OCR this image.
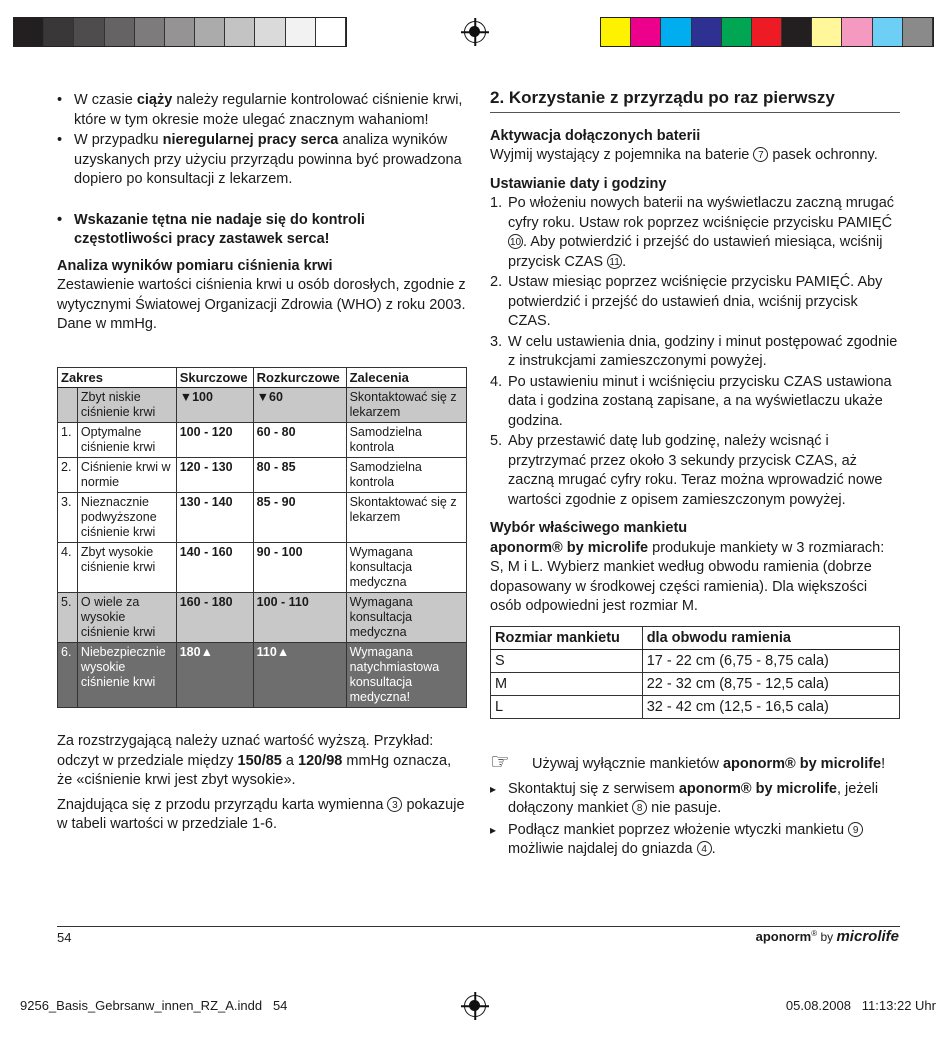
• W czasie ciąży należy regularnie kontrolować ciśnienie krwi, które w tym okresie może ulegać znacznym wahaniom!

• W przypadku nieregularnej pracy serca analiza wyników uzyskanych przy użyciu przyrządu powinna być prowadzona dopiero po konsultacji z lekarzem.

• Wskazanie tętna nie nadaje się do kontroli częstotliwości pracy zastawek serca!

Analiza wyników pomiaru ciśnienia krwi

Zestawienie wartości ciśnienia krwi u osób dorosłych, zgodnie z wytycznymi Światowej Organizacji Zdrowia (WHO) z roku 2003. Dane w mmHg.

Zakres		Skurczowe	Rozkurczowe	Zalecenia
	Zbyt niskie ciśnienie krwi	▼100	▼60	Skontaktować się z lekarzem
1.	Optymalne ciśnienie krwi	100 - 120	60 - 80	Samodzielna kontrola
2.	Ciśnienie krwi w normie	120 - 130	80 - 85	Samodzielna kontrola
3.	Nieznacznie podwyższone ciśnienie krwi	130 - 140	85 - 90	Skontaktować się z lekarzem
4.	Zbyt wysokie ciśnienie krwi	140 - 160	90 - 100	Wymagana konsultacja medyczna
5.	O wiele za wysokie ciśnienie krwi	160 - 180	100 - 110	Wymagana konsultacja medyczna
6.	Niebezpiecznie wysokie ciśnienie krwi	180▲	110▲	Wymagana natychmiastowa konsultacja medyczna!

Za rozstrzygającą należy uznać wartość wyższą. Przykład: odczyt w przedziale między 150/85 a 120/98 mmHg oznacza, że «ciśnienie krwi jest zbyt wysokie».

Znajdująca się z przodu przyrządu karta wymienna 3 pokazuje w tabeli wartości w przedziale 1-6.

2. Korzystanie z przyrządu po raz pierwszy

Aktywacja dołączonych baterii

Wyjmij wystający z pojemnika na baterie 7 pasek ochronny.

Ustawianie daty i godziny

1. Po włożeniu nowych baterii na wyświetlaczu zaczną mrugać cyfry roku. Ustaw rok poprzez wciśnięcie przycisku PAMIĘĆ 10 . Aby potwierdzić i przejść do ustawień miesiąca, wciśnij przycisk CZAS 11 .

2. Ustaw miesiąc poprzez wciśnięcie przycisku PAMIĘĆ. Aby potwierdzić i przejść do ustawień dnia, wciśnij przycisk CZAS.

3. W celu ustawienia dnia, godziny i minut postępować zgodnie z instrukcjami zamieszczonymi powyżej.

4. Po ustawieniu minut i wciśnięciu przycisku CZAS ustawiona data i godzina zostaną zapisane, a na wyświetlaczu ukaże godzina.

5. Aby przestawić datę lub godzinę, należy wcisnąć i przytrzymać przez około 3 sekundy przycisk CZAS, aż zaczną mrugać cyfry roku. Teraz można wprowadzić nowe wartości zgodnie z opisem zamieszczonym powyżej.

Wybór właściwego mankietu

aponorm® by microlife produkuje mankiety w 3 rozmiarach: S, M i L. Wybierz mankiet według obwodu ramienia (dobrze dopasowany w środkowej części ramienia). Dla większości osób odpowiedni jest rozmiar M.

Rozmiar mankietu	dla obwodu ramienia
S	17 - 22 cm (6,75 - 8,75 cala)
M	22 - 32 cm (8,75 - 12,5 cala)
L	32 - 42 cm (12,5 - 16,5 cala)

☞ Używaj wyłącznie mankietów aponorm® by microlife!

▸ Skontaktuj się z serwisem aponorm® by microlife, jeżeli dołączony mankiet 8 nie pasuje.

▸ Podłącz mankiet poprzez włożenie wtyczki mankietu 9 możliwie najdalej do gniazda 4 .

54	aponorm® by microlife
9256_Basis_Gebrsanw_innen_RZ_A.indd   54	05.08.2008   11:13:22 Uhr
